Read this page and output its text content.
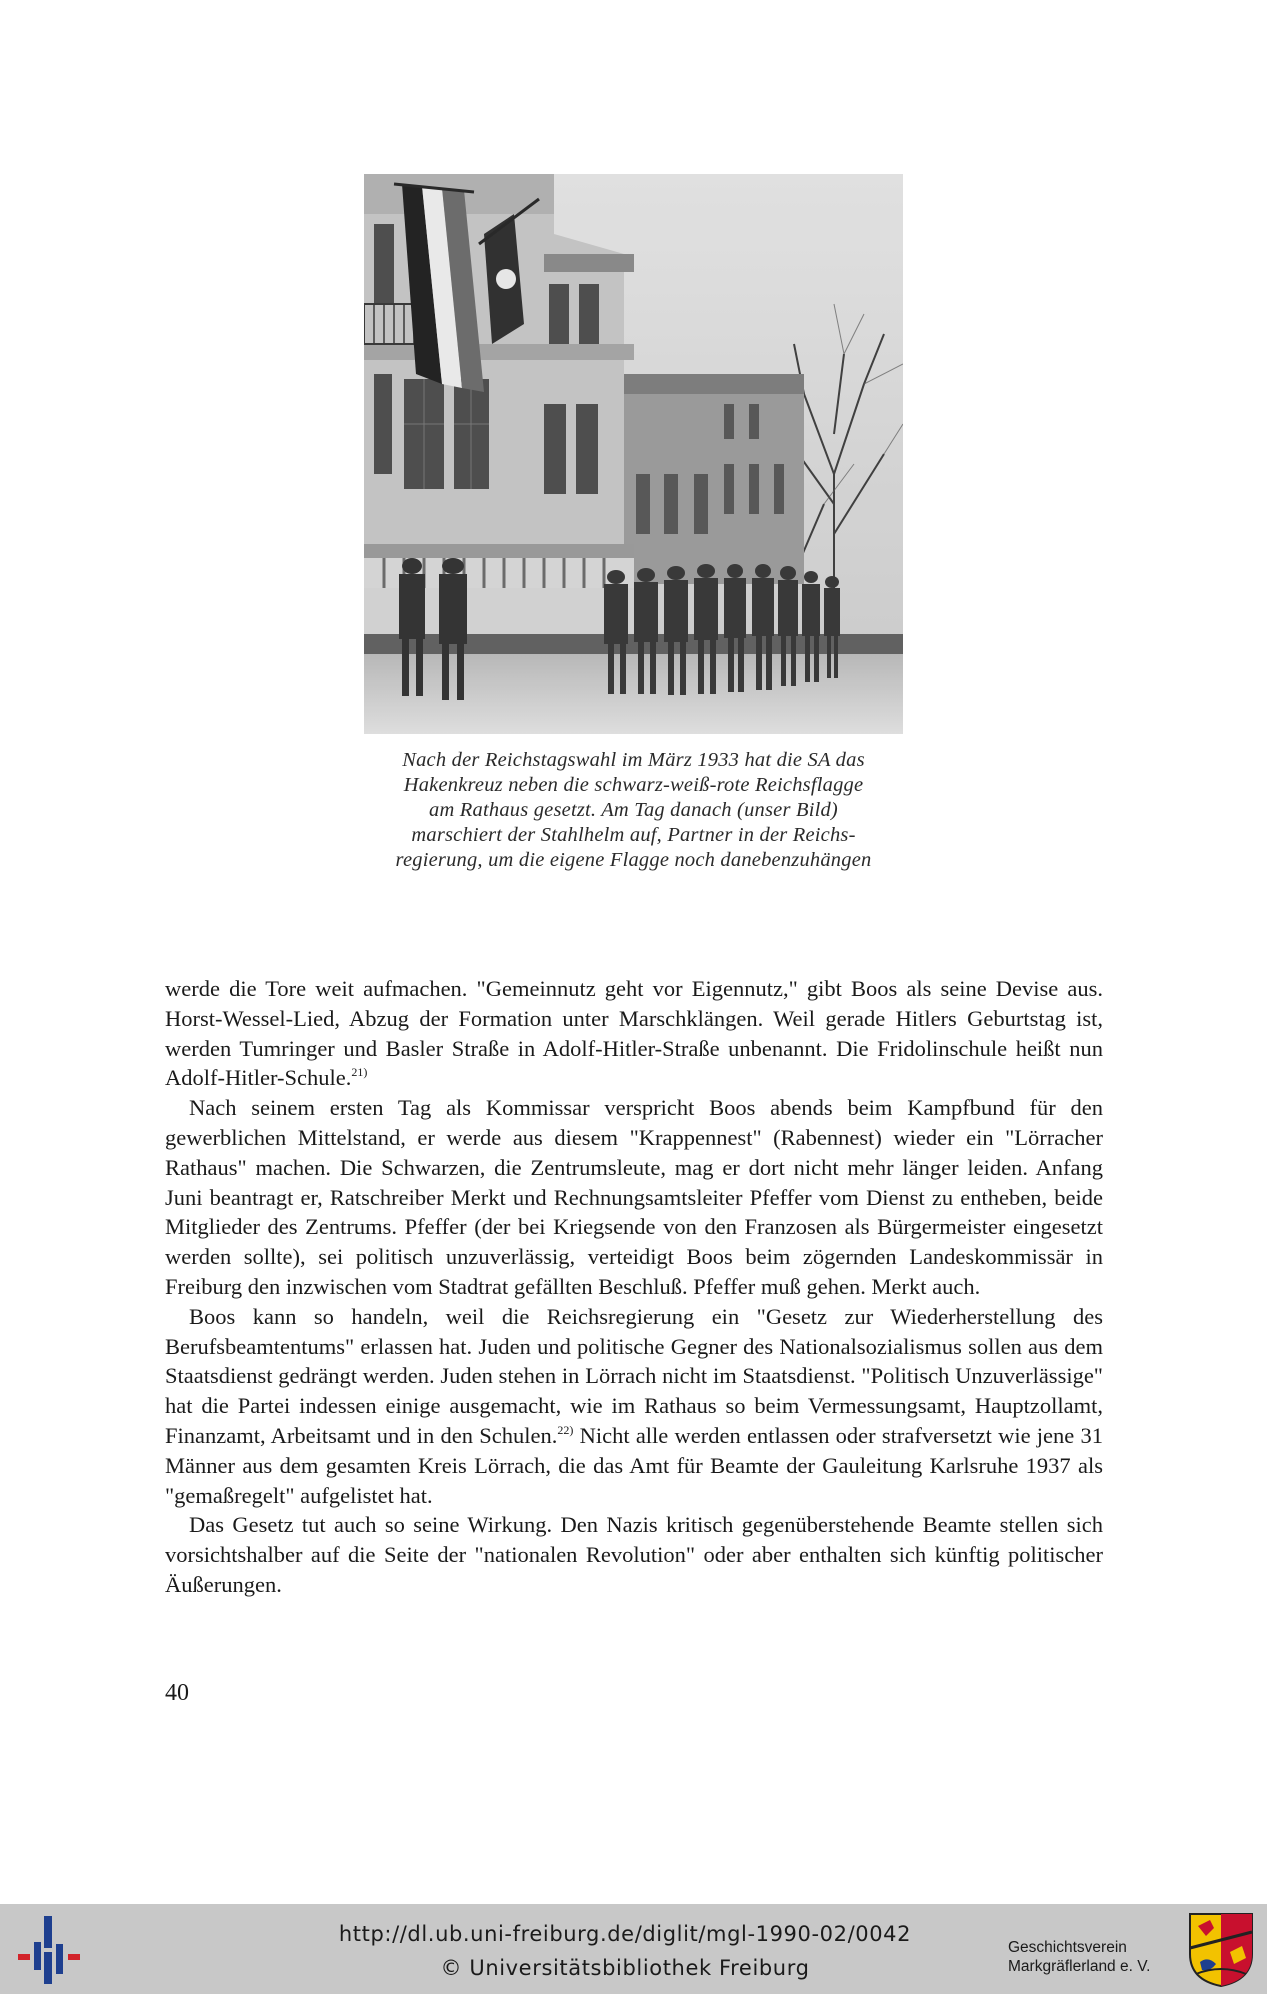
Nach der Reichstagswahl im März 1933 hat die SA das
Hakenkreuz neben die schwarz-weiß-rote Reichsflagge
am Rathaus gesetzt. Am Tag danach (unser Bild)
marschiert der Stahlhelm auf, Partner in der Reichs-
regierung, um die eigene Flagge noch danebenzuhängen

werde die Tore weit aufmachen. "Gemeinnutz geht vor Eigennutz," gibt Boos als seine Devise aus. Horst-Wessel-Lied, Abzug der Formation unter Marschklängen. Weil gerade Hitlers Geburtstag ist, werden Tumringer und Basler Straße in Adolf-Hitler-Straße unbenannt. Die Fridolinschule heißt nun Adolf-Hitler-Schule.$^{21)}$

Nach seinem ersten Tag als Kommissar verspricht Boos abends beim Kampfbund für den gewerblichen Mittelstand, er werde aus diesem "Krappennest" (Rabennest) wieder ein "Lörracher Rathaus" machen. Die Schwarzen, die Zentrumsleute, mag er dort nicht mehr länger leiden. Anfang Juni beantragt er, Ratschreiber Merkt und Rechnungsamtsleiter Pfeffer vom Dienst zu entheben, beide Mitglieder des Zentrums. Pfeffer (der bei Kriegsende von den Franzosen als Bürgermeister eingesetzt werden sollte), sei politisch unzuverlässig, verteidigt Boos beim zögernden Landeskommissär in Freiburg den inzwischen vom Stadtrat gefällten Beschluß. Pfeffer muß gehen. Merkt auch.

Boos kann so handeln, weil die Reichsregierung ein "Gesetz zur Wiederherstellung des Berufsbeamtentums" erlassen hat. Juden und politische Gegner des Nationalsozialismus sollen aus dem Staatsdienst gedrängt werden. Juden stehen in Lörrach nicht im Staatsdienst. "Politisch Unzuverlässige" hat die Partei indessen einige ausgemacht, wie im Rathaus so beim Vermessungsamt, Hauptzollamt, Finanzamt, Arbeitsamt und in den Schulen.$^{22)}$ Nicht alle werden entlassen oder strafversetzt wie jene 31 Männer aus dem gesamten Kreis Lörrach, die das Amt für Beamte der Gauleitung Karlsruhe 1937 als "gemaßregelt" aufgelistet hat.

Das Gesetz tut auch so seine Wirkung. Den Nazis kritisch gegenüberstehende Beamte stellen sich vorsichtshalber auf die Seite der "nationalen Revolution" oder aber enthalten sich künftig politischer Äußerungen.

40
http://dl.ub.uni-freiburg.de/diglit/mgl-1990-02/0042
© Universitätsbibliothek Freiburg
Geschichtsverein
Markgräflerland e. V.
